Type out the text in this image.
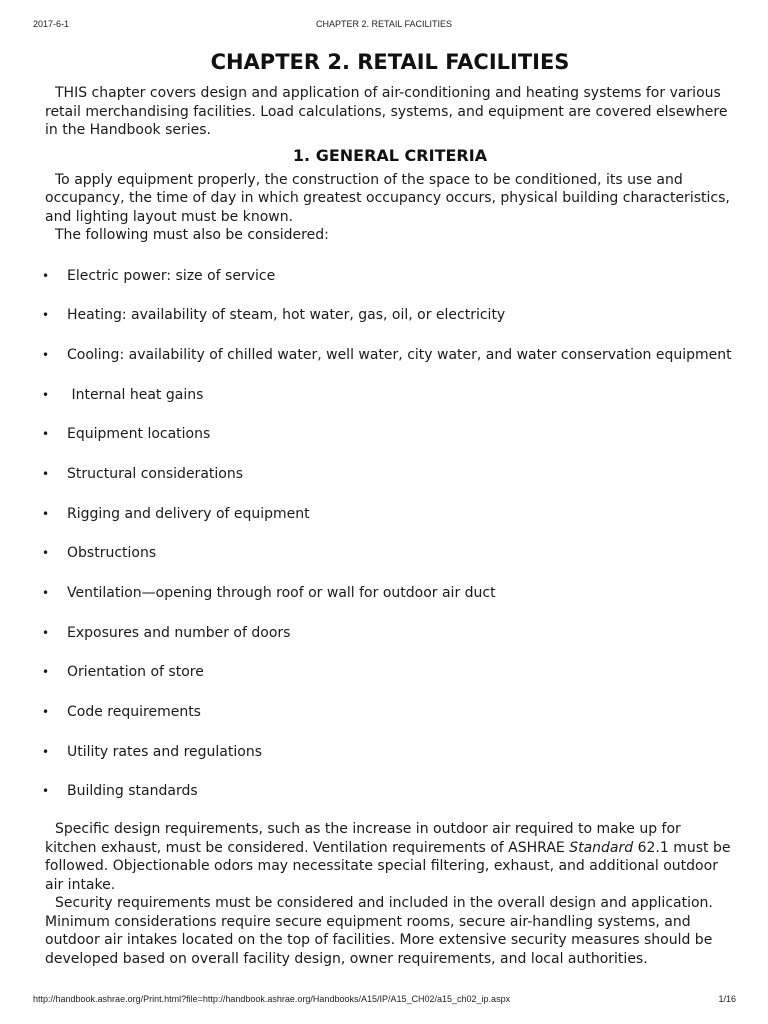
2017-6-1	CHAPTER 2. RETAIL FACILITIES
CHAPTER 2. RETAIL FACILITIES

THIS chapter covers design and application of air-conditioning and heating systems for various retail merchandising facilities. Load calculations, systems, and equipment are covered elsewhere in the Handbook series.

1. GENERAL CRITERIA

To apply equipment properly, the construction of the space to be conditioned, its use and occupancy, the time of day in which greatest occupancy occurs, physical building characteristics, and lighting layout must be known.

The following must also be considered:

• Electric power: size of service
• Heating: availability of steam, hot water, gas, oil, or electricity
• Cooling: availability of chilled water, well water, city water, and water conservation equipment
• Internal heat gains
• Equipment locations
• Structural considerations
• Rigging and delivery of equipment
• Obstructions
• Ventilation—opening through roof or wall for outdoor air duct
• Exposures and number of doors
• Orientation of store
• Code requirements
• Utility rates and regulations
• Building standards

Specific design requirements, such as the increase in outdoor air required to make up for kitchen exhaust, must be considered. Ventilation requirements of ASHRAE Standard 62.1 must be followed. Objectionable odors may necessitate special filtering, exhaust, and additional outdoor air intake.

Security requirements must be considered and included in the overall design and application. Minimum considerations require secure equipment rooms, secure air-handling systems, and outdoor air intakes located on the top of facilities. More extensive security measures should be developed based on overall facility design, owner requirements, and local authorities.

http://handbook.ashrae.org/Print.html?file=http://handbook.ashrae.org/Handbooks/A15/IP/A15_CH02/a15_ch02_ip.aspx	1/16
